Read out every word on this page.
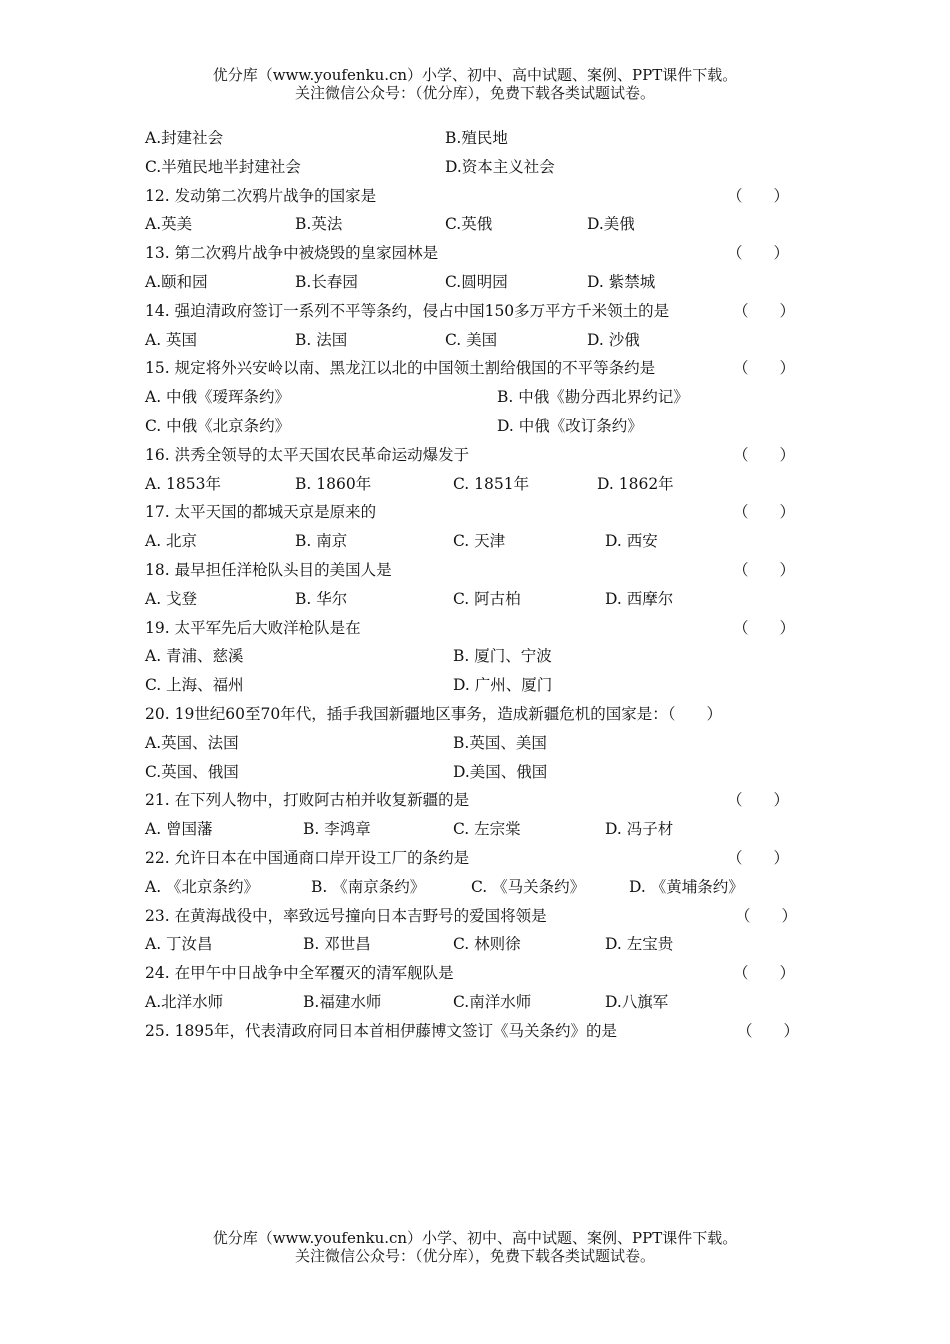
优分库（www.youfenku.cn）小学、初中、高中试题、案例、PPT课件下载。
关注微信公众号：（优分库），免费下载各类试题试卷。
A.封建社会	B.殖民地
C.半殖民地半封建社会	D.资本主义社会
12. 发动第二次鸦片战争的国家是	（　　）
A.英美	B.英法	C.英俄	D.美俄
13. 第二次鸦片战争中被烧毁的皇家园林是	（　　）
A.颐和园	B.长春园	C.圆明园	D. 紫禁城
14. 强迫清政府签订一系列不平等条约，侵占中国150多万平方千米领土的是	（　　）
A. 英国	B. 法国	C. 美国	D. 沙俄
15. 规定将外兴安岭以南、黑龙江以北的中国领土割给俄国的不平等条约是	（　　）
A. 中俄《瑷珲条约》	B. 中俄《勘分西北界约记》
C. 中俄《北京条约》	D. 中俄《改订条约》
16. 洪秀全领导的太平天国农民革命运动爆发于	（　　）
A. 1853年	B. 1860年	C. 1851年	D. 1862年
17. 太平天国的都城天京是原来的	（　　）
A. 北京	B. 南京	C. 天津	D. 西安
18. 最早担任洋枪队头目的美国人是	（　　）
A. 戈登	B. 华尔	C. 阿古柏	D. 西摩尔
19. 太平军先后大败洋枪队是在	（　　）
A. 青浦、慈溪	B. 厦门、宁波
C. 上海、福州	D. 广州、厦门
20. 19世纪60至70年代，插手我国新疆地区事务，造成新疆危机的国家是：（　　）
A.英国、法国	B.英国、美国
C.英国、俄国	D.美国、俄国
21. 在下列人物中，打败阿古柏并收复新疆的是	（　　）
A. 曾国藩	B. 李鸿章	C. 左宗棠	D. 冯子材
22. 允许日本在中国通商口岸开设工厂的条约是	（　　）
A. 《北京条约》	B. 《南京条约》	C. 《马关条约》	D. 《黄埔条约》
23. 在黄海战役中，率致远号撞向日本吉野号的爱国将领是	（　　）
A. 丁汝昌	B. 邓世昌	C. 林则徐	D. 左宝贵
24. 在甲午中日战争中全军覆灭的清军舰队是	（　　）
A.北洋水师	B.福建水师	C.南洋水师	D.八旗军
25. 1895年，代表清政府同日本首相伊藤博文签订《马关条约》的是	（　　）
优分库（www.youfenku.cn）小学、初中、高中试题、案例、PPT课件下载。
关注微信公众号：（优分库），免费下载各类试题试卷。
